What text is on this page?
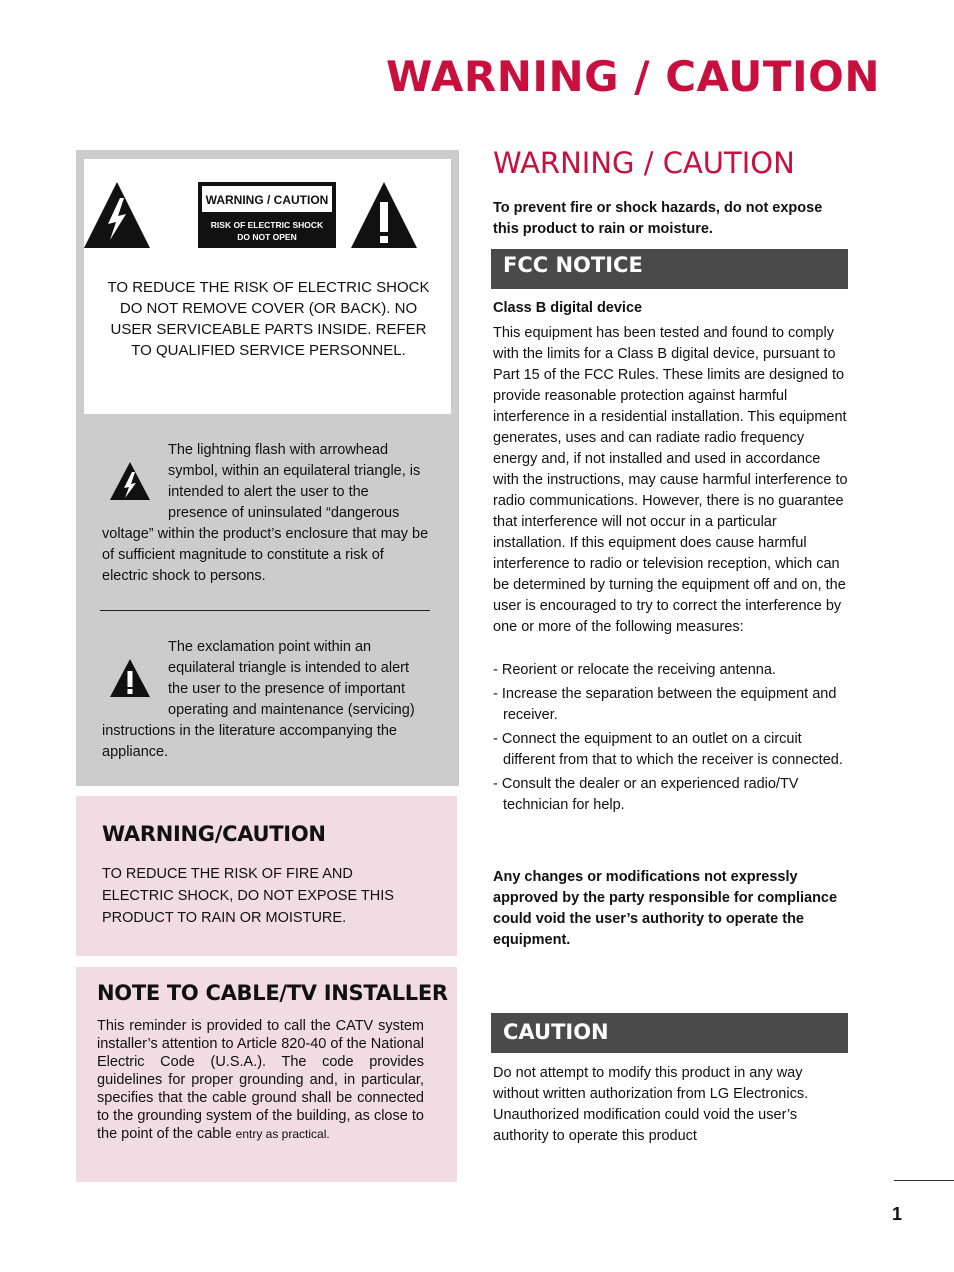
WARNING / CAUTION
WARNING / CAUTION
RISK OF ELECTRIC SHOCK
DO NOT OPEN
TO REDUCE THE RISK OF ELECTRIC SHOCK DO NOT REMOVE COVER (OR BACK). NO USER SERVICEABLE PARTS INSIDE. REFER TO QUALIFIED SERVICE PERSONNEL.
The lightning flash with arrowhead symbol, within an equilateral triangle, is intended to alert the user to the presence of uninsulated “dangerous voltage” within the product’s enclosure that may be of sufficient magnitude to constitute a risk of electric shock to persons.
The exclamation point within an equilateral triangle is intended to alert the user to the presence of important operating and maintenance (servicing) instructions in the literature accompanying the appliance.
WARNING/CAUTION
TO REDUCE THE RISK OF FIRE AND ELECTRIC SHOCK, DO NOT EXPOSE THIS PRODUCT TO RAIN OR MOISTURE.
NOTE TO CABLE/TV INSTALLER
This reminder is provided to call the CATV system installer’s attention to Article 820-40 of the National Electric Code (U.S.A.). The code provides guidelines for proper grounding and, in particular, specifies that the cable ground shall be connected to the grounding system of the building, as close to the point of the cable entry as practical.
WARNING / CAUTION
To prevent fire or shock hazards, do not expose this product to rain or moisture.
FCC NOTICE
Class B digital device
This equipment has been tested and found to comply with the limits for a Class B digital device, pursuant to Part 15 of the FCC Rules. These limits are designed to provide reasonable protection against harmful interference in a residential installation. This equipment generates, uses and can radiate radio frequency energy and, if not installed and used in accordance with the instructions, may cause harmful interference to radio communications. However, there is no guarantee that interference will not occur in a particular installation. If this equipment does cause harmful interference to radio or television reception, which can be determined by turning the equipment off and on, the user is encouraged to try to correct the interference by one or more of the following measures:
- Reorient or relocate the receiving antenna.
- Increase the separation between the equipment and receiver.
- Connect the equipment to an outlet on a circuit different from that to which the receiver is connected.
- Consult the dealer or an experienced radio/TV technician for help.
Any changes or modifications not expressly approved by the party responsible for compliance could void the user’s authority to operate the equipment.
CAUTION
Do not attempt to modify this product in any way without written authorization from LG Electronics. Unauthorized modification could void the user’s authority to operate this product
1
